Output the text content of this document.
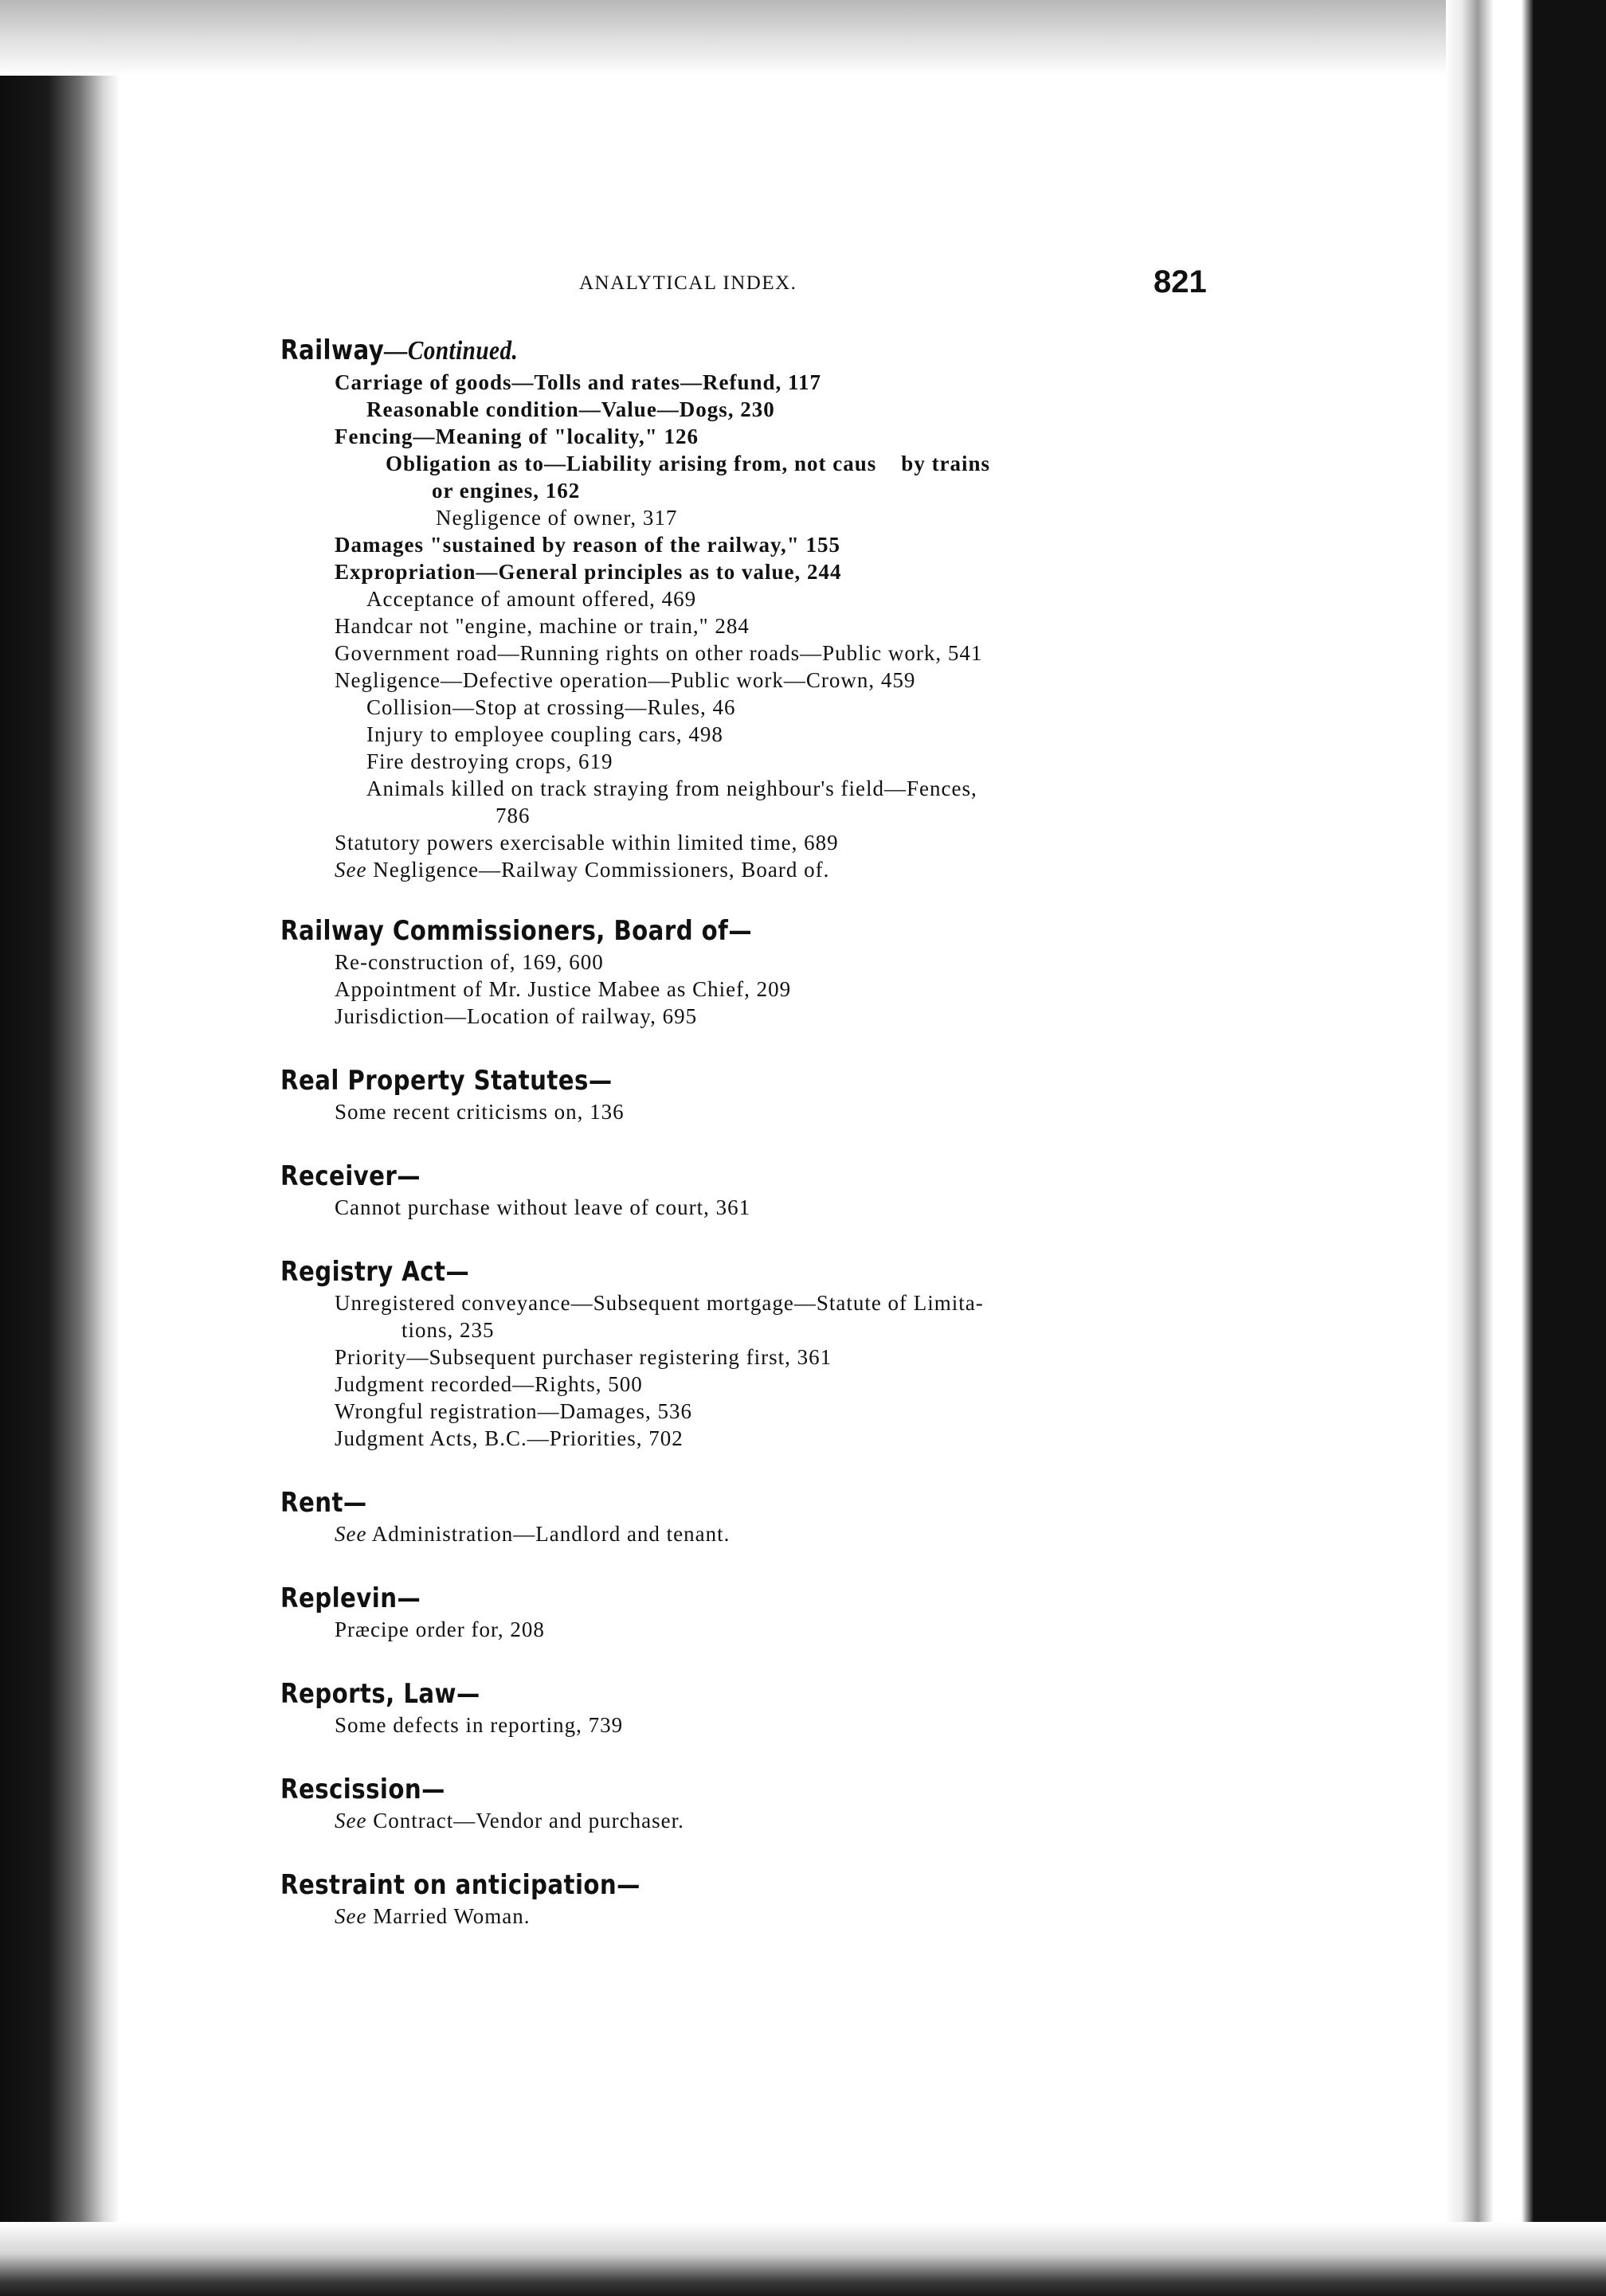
ANALYTICAL INDEX.	821
Railway—Continued.
Carriage of goods—Tolls and rates—Refund, 117
Reasonable condition—Value—Dogs, 230
Fencing—Meaning of "locality," 126
Obligation as to—Liability arising from, not caus    by trains
or engines, 162
Negligence of owner, 317
Damages "sustained by reason of the railway," 155
Expropriation—General principles as to value, 244
Acceptance of amount offered, 469
Handcar not "engine, machine or train," 284
Government road—Running rights on other roads—Public work, 541
Negligence—Defective operation—Public work—Crown, 459
Collision—Stop at crossing—Rules, 46
Injury to employee coupling cars, 498
Fire destroying crops, 619
Animals killed on track straying from neighbour's field—Fences,
786
Statutory powers exercisable within limited time, 689
See Negligence—Railway Commissioners, Board of.
Railway Commissioners, Board of—
Re-construction of, 169, 600
Appointment of Mr. Justice Mabee as Chief, 209
Jurisdiction—Location of railway, 695
Real Property Statutes—
Some recent criticisms on, 136
Receiver—
Cannot purchase without leave of court, 361
Registry Act—
Unregistered conveyance—Subsequent mortgage—Statute of Limita-
tions, 235
Priority—Subsequent purchaser registering first, 361
Judgment recorded—Rights, 500
Wrongful registration—Damages, 536
Judgment Acts, B.C.—Priorities, 702
Rent—
See Administration—Landlord and tenant.
Replevin—
Præcipe order for, 208
Reports, Law—
Some defects in reporting, 739
Rescission—
See Contract—Vendor and purchaser.
Restraint on anticipation—
See Married Woman.
